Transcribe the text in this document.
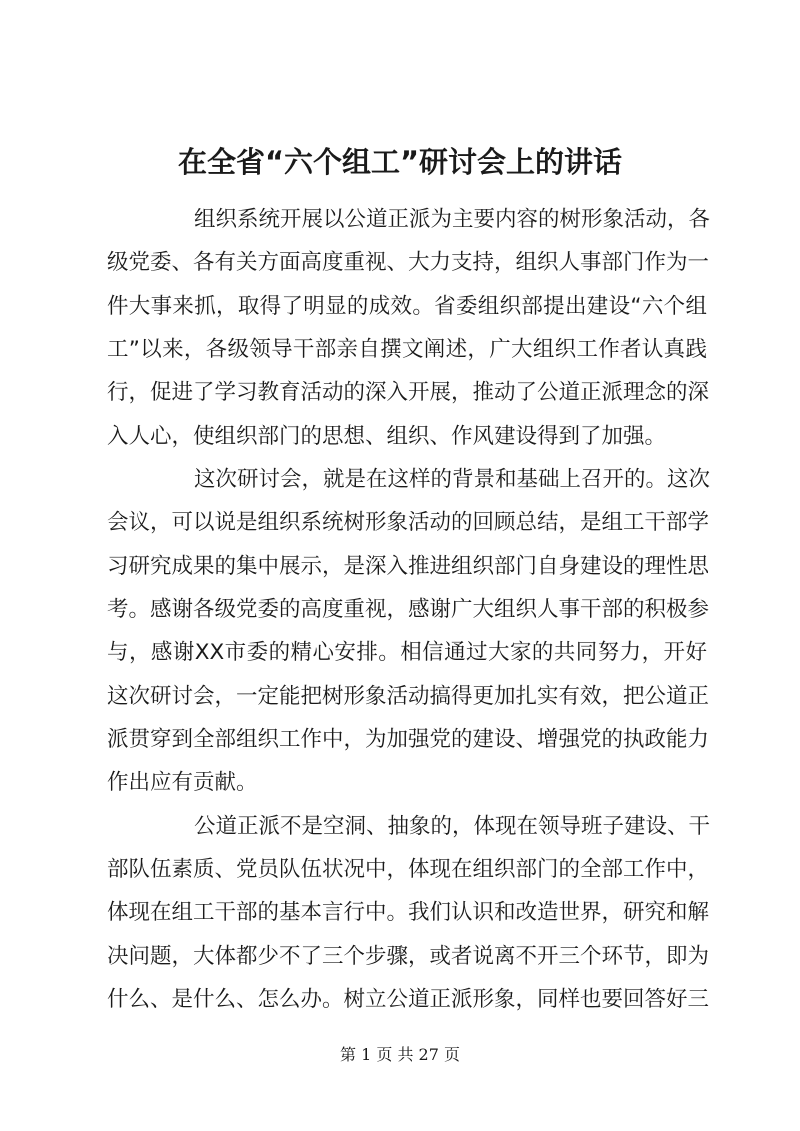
在全省“六个组工”研讨会上的讲话
组织系统开展以公道正派为主要内容的树形象活动，各
级党委、各有关方面高度重视、大力支持，组织人事部门作为一
件大事来抓，取得了明显的成效。省委组织部提出建设“六个组
工”以来，各级领导干部亲自撰文阐述，广大组织工作者认真践
行，促进了学习教育活动的深入开展，推动了公道正派理念的深
入人心，使组织部门的思想、组织、作风建设得到了加强。
这次研讨会，就是在这样的背景和基础上召开的。这次
会议，可以说是组织系统树形象活动的回顾总结，是组工干部学
习研究成果的集中展示，是深入推进组织部门自身建设的理性思
考。感谢各级党委的高度重视，感谢广大组织人事干部的积极参
与，感谢XX市委的精心安排。相信通过大家的共同努力，开好
这次研讨会，一定能把树形象活动搞得更加扎实有效，把公道正
派贯穿到全部组织工作中，为加强党的建设、增强党的执政能力
作出应有贡献。
公道正派不是空洞、抽象的，体现在领导班子建设、干
部队伍素质、党员队伍状况中，体现在组织部门的全部工作中，
体现在组工干部的基本言行中。我们认识和改造世界，研究和解
决问题，大体都少不了三个步骤，或者说离不开三个环节，即为
什么、是什么、怎么办。树立公道正派形象，同样也要回答好三
第 1 页 共 27 页
